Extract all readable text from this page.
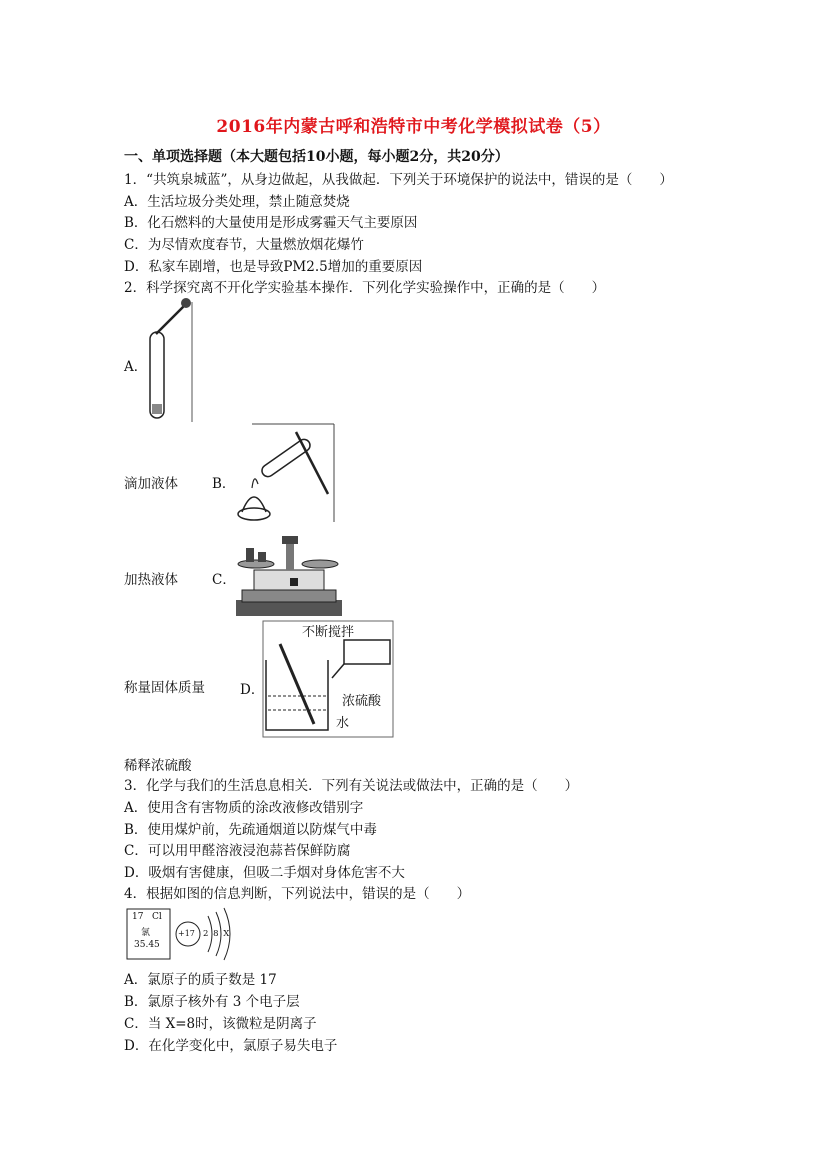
2016年内蒙古呼和浩特市中考化学模拟试卷（5）
一、单项选择题（本大题包括10小题，每小题2分，共20分）
1．“共筑泉城蓝”，从身边做起，从我做起．下列关于环境保护的说法中，错误的是（　　）
A．生活垃圾分类处理，禁止随意焚烧
B．化石燃料的大量使用是形成雾霾天气主要原因
C．为尽情欢度春节，大量燃放烟花爆竹
D．私家车剧增，也是导致PM2.5增加的重要原因
2．科学探究离不开化学实验基本操作．下列化学实验操作中，正确的是（　　）
A．
滴加液体	B．
加热液体	C．
称量固体质量	D．
不断搅拌
浓硫酸
水
稀释浓硫酸
3．化学与我们的生活息息相关．下列有关说法或做法中，正确的是（　　）
A．使用含有害物质的涂改液修改错别字
B．使用煤炉前，先疏通烟道以防煤气中毒
C．可以用甲醛溶液浸泡蒜苔保鲜防腐
D．吸烟有害健康，但吸二手烟对身体危害不大
4．根据如图的信息判断，下列说法中，错误的是（　　）
17 Cl
氯
35.45
+17 2 8 X
A．氯原子的质子数是 17
B．氯原子核外有 3 个电子层
C．当 X=8时，该微粒是阴离子
D．在化学变化中，氯原子易失电子
